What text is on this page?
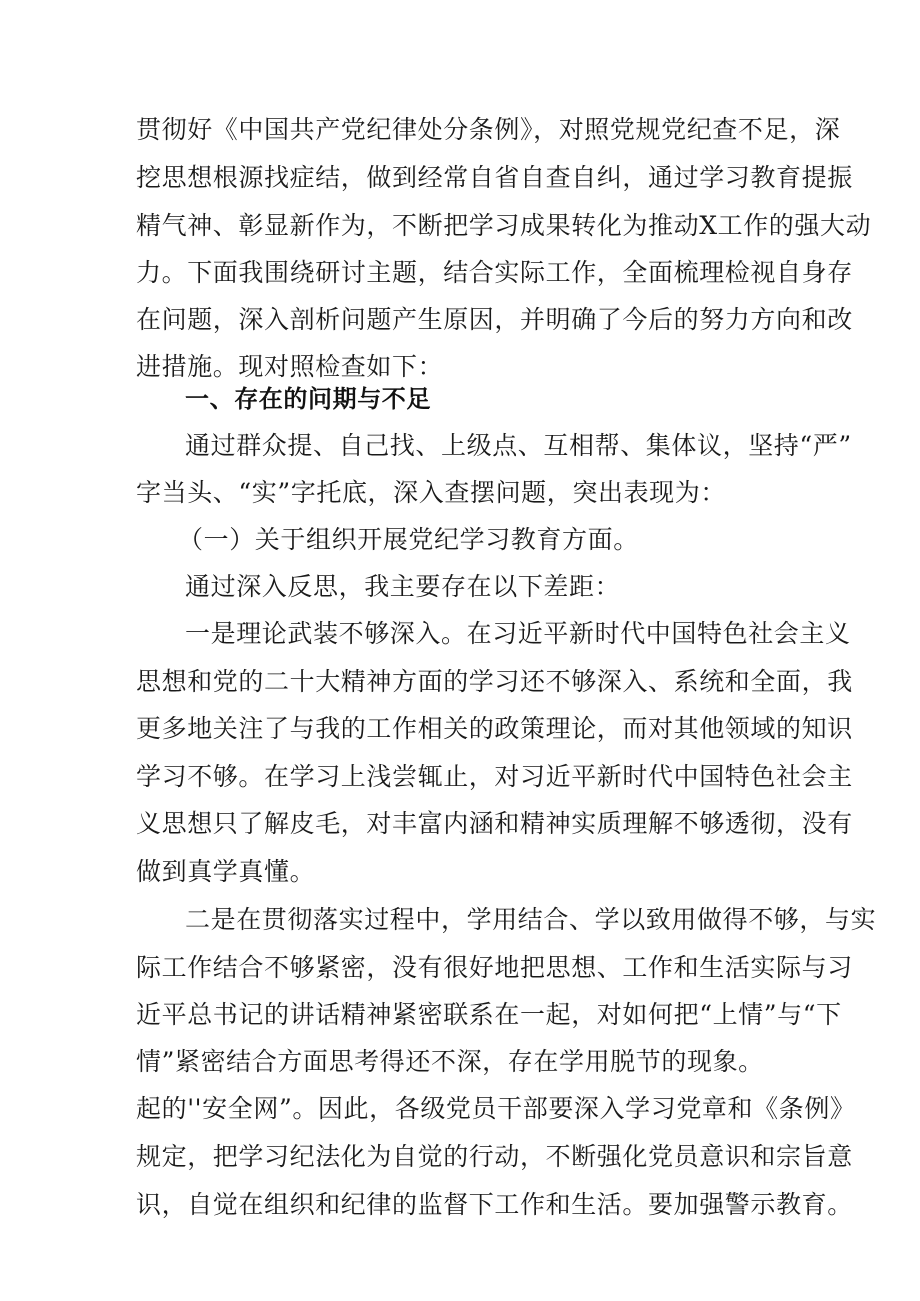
贯彻好《中国共产党纪律处分条例》，对照党规党纪查不足，深
挖思想根源找症结，做到经常自省自查自纠，通过学习教育提振
精气神、彰显新作为，不断把学习成果转化为推动X工作的强大动
力。下面我围绕研讨主题，结合实际工作，全面梳理检视自身存
在问题，深入剖析问题产生原因，并明确了今后的努力方向和改
进措施。现对照检查如下：
一、存在的问期与不足
通过群众提、自己找、上级点、互相帮、集体议，坚持“严”
字当头、“实”字托底，深入查摆问题，突出表现为：
（一）关于组织开展党纪学习教育方面。
通过深入反思，我主要存在以下差距：
一是理论武装不够深入。在习近平新时代中国特色社会主义
思想和党的二十大精神方面的学习还不够深入、系统和全面，我
更多地关注了与我的工作相关的政策理论，而对其他领域的知识
学习不够。在学习上浅尝辄止，对习近平新时代中国特色社会主
义思想只了解皮毛，对丰富内涵和精神实质理解不够透彻，没有
做到真学真懂。
二是在贯彻落实过程中，学用结合、学以致用做得不够，与实
际工作结合不够紧密，没有很好地把思想、工作和生活实际与习
近平总书记的讲话精神紧密联系在一起，对如何把“上情”与“下
情”紧密结合方面思考得还不深，存在学用脱节的现象。
起的''安全网”。因此，各级党员干部要深入学习党章和《条例》
规定，把学习纪法化为自觉的行动，不断强化党员意识和宗旨意
识，自觉在组织和纪律的监督下工作和生活。要加强警示教育。
